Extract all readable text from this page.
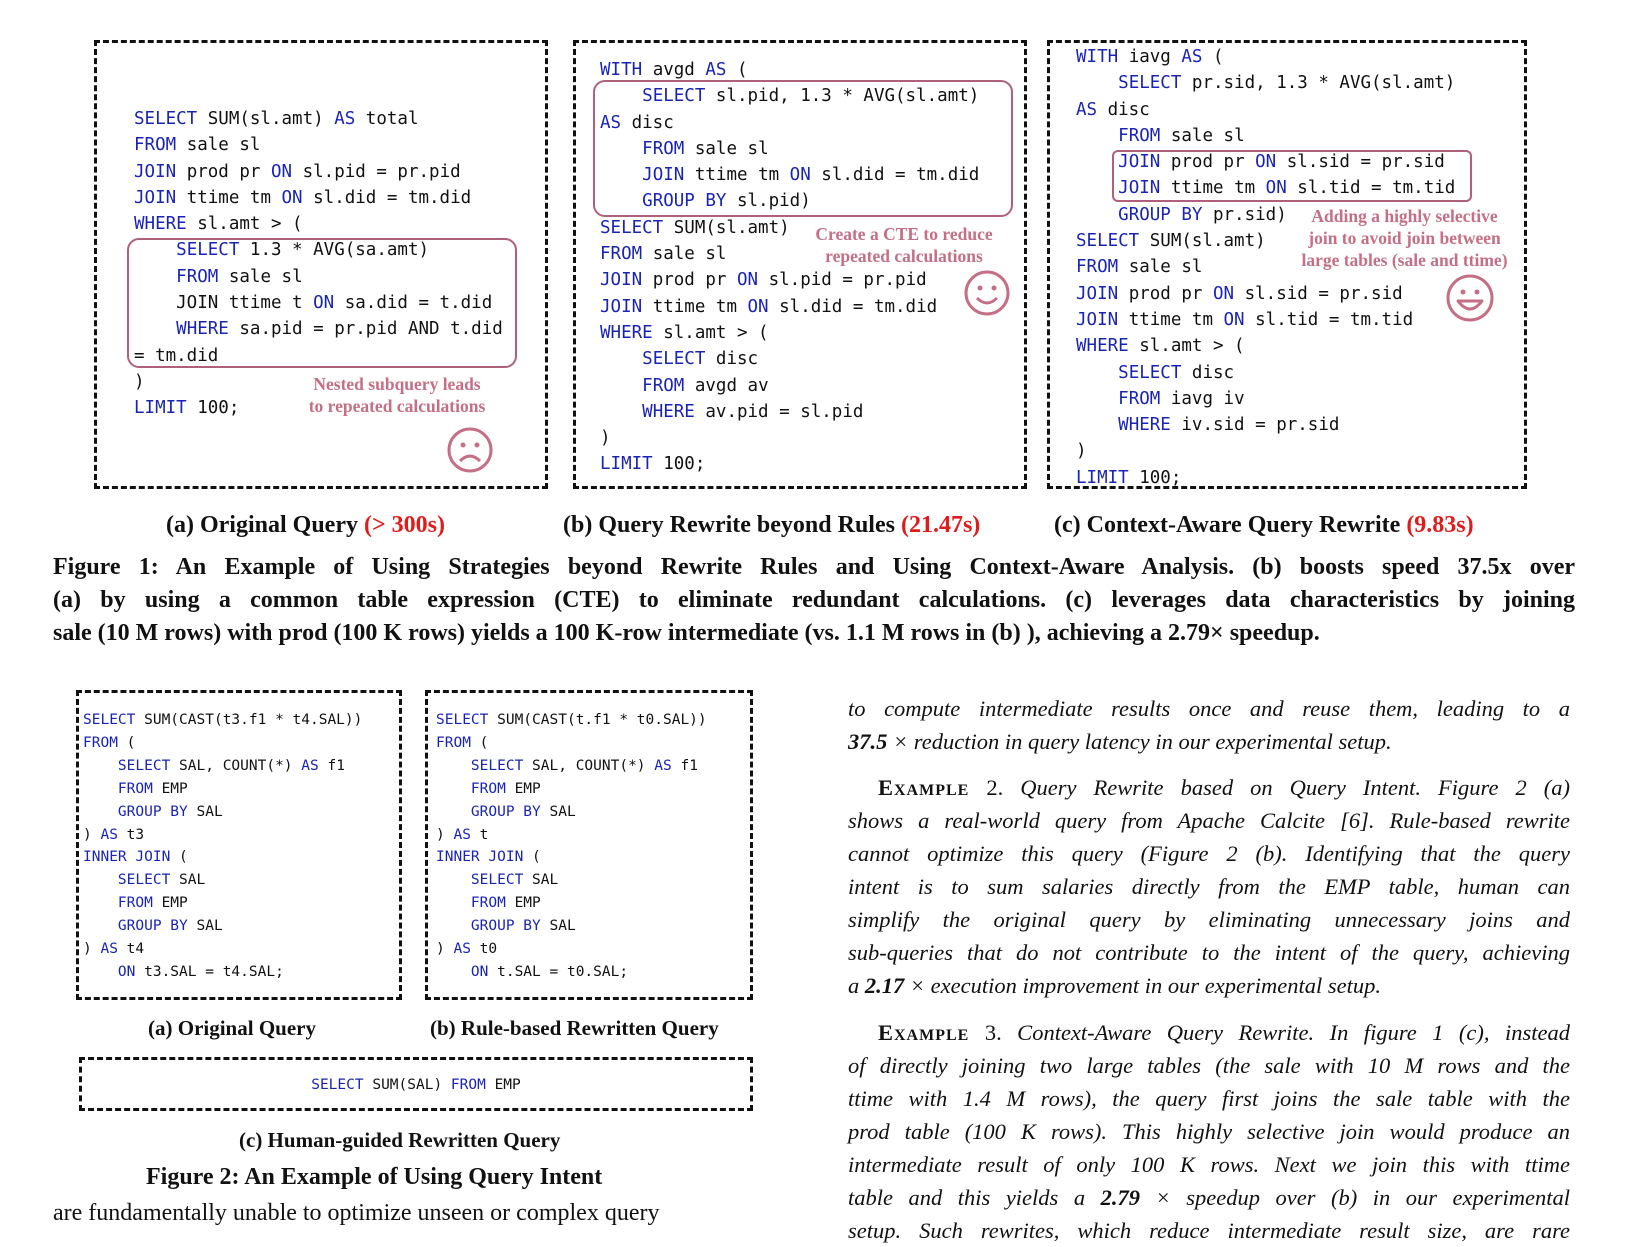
SELECT SUM(sl.amt) AS total
FROM sale sl
JOIN prod pr ON sl.pid = pr.pid
JOIN ttime tm ON sl.did = tm.did
WHERE sl.amt > (
SELECT 1.3 * AVG(sa.amt)
FROM sale sl
JOIN ttime t ON sa.did = t.did
WHERE sa.pid = pr.pid AND t.did
= tm.did
)
LIMIT 100;
Nested subquery leads
to repeated calculations
WITH avgd AS (
SELECT sl.pid, 1.3 * AVG(sl.amt)
AS disc
FROM sale sl
JOIN ttime tm ON sl.did = tm.did
GROUP BY sl.pid)
SELECT SUM(sl.amt)
FROM sale sl
JOIN prod pr ON sl.pid = pr.pid
JOIN ttime tm ON sl.did = tm.did
WHERE sl.amt > (
SELECT disc
FROM avgd av
WHERE av.pid = sl.pid
)
LIMIT 100;
Create a CTE to reduce
repeated calculations
WITH iavg AS (
SELECT pr.sid, 1.3 * AVG(sl.amt)
AS disc
FROM sale sl
JOIN prod pr ON sl.sid = pr.sid
JOIN ttime tm ON sl.tid = tm.tid
GROUP BY pr.sid)
SELECT SUM(sl.amt)
FROM sale sl
JOIN prod pr ON sl.sid = pr.sid
JOIN ttime tm ON sl.tid = tm.tid
WHERE sl.amt > (
SELECT disc
FROM iavg iv
WHERE iv.sid = pr.sid
)
LIMIT 100;
Adding a highly selective
join to avoid join between
large tables (sale and ttime)
(a) Original Query (> 300s)	(b) Query Rewrite beyond Rules (21.47s)	(c) Context-Aware Query Rewrite (9.83s)
Figure 1: An Example of Using Strategies beyond Rewrite Rules and Using Context-Aware Analysis. (b) boosts speed 37.5x over
(a) by using a common table expression (CTE) to eliminate redundant calculations. (c) leverages data characteristics by joining
sale (10 M rows) with prod (100 K rows) yields a 100 K-row intermediate (vs. 1.1 M rows in (b) ), achieving a 2.79× speedup.
SELECT SUM(CAST(t3.f1 * t4.SAL))
FROM (
SELECT SAL, COUNT(*) AS f1
FROM EMP
GROUP BY SAL
) AS t3
INNER JOIN (
SELECT SAL
FROM EMP
GROUP BY SAL
) AS t4
ON t3.SAL = t4.SAL;
SELECT SUM(CAST(t.f1 * t0.SAL))
FROM (
SELECT SAL, COUNT(*) AS f1
FROM EMP
GROUP BY SAL
) AS t
INNER JOIN (
SELECT SAL
FROM EMP
GROUP BY SAL
) AS t0
ON t.SAL = t0.SAL;
(a) Original Query	(b) Rule-based Rewritten Query
SELECT SUM(SAL) FROM EMP
(c) Human-guided Rewritten Query
Figure 2: An Example of Using Query Intent
are fundamentally unable to optimize unseen or complex query
to compute intermediate results once and reuse them, leading to a
37.5 × reduction in query latency in our experimental setup.
Example 2. Query Rewrite based on Query Intent. Figure 2 (a)
shows a real-world query from Apache Calcite [6]. Rule-based rewrite
cannot optimize this query (Figure 2 (b). Identifying that the query
intent is to sum salaries directly from the EMP table, human can
simplify the original query by eliminating unnecessary joins and
sub-queries that do not contribute to the intent of the query, achieving
a 2.17 × execution improvement in our experimental setup.
Example 3. Context-Aware Query Rewrite. In figure 1 (c), instead
of directly joining two large tables (the sale with 10 M rows and the
ttime with 1.4 M rows), the query first joins the sale table with the
prod table (100 K rows). This highly selective join would produce an
intermediate result of only 100 K rows. Next we join this with ttime
table and this yields a 2.79 × speedup over (b) in our experimental
setup. Such rewrites, which reduce intermediate result size, are rare
